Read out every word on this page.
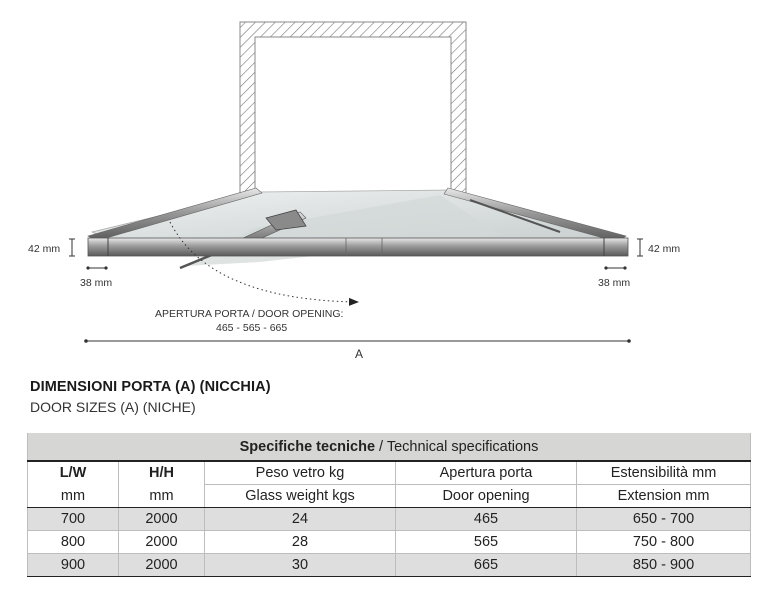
42 mm	42 mm
38 mm	38 mm
APERTURA PORTA / DOOR OPENING:
465 - 565 - 665
A
DIMENSIONI PORTA (A) (NICCHIA)
DOOR SIZES (A) (NICHE)
Specifiche tecniche / Technical specifications				
L/W	H/H	Peso vetro kg	Apertura porta	Estensibilità mm
mm	mm	Glass weight kgs	Door opening	Extension mm
700	2000	24	465	650 - 700
800	2000	28	565	750 - 800
900	2000	30	665	850 - 900
